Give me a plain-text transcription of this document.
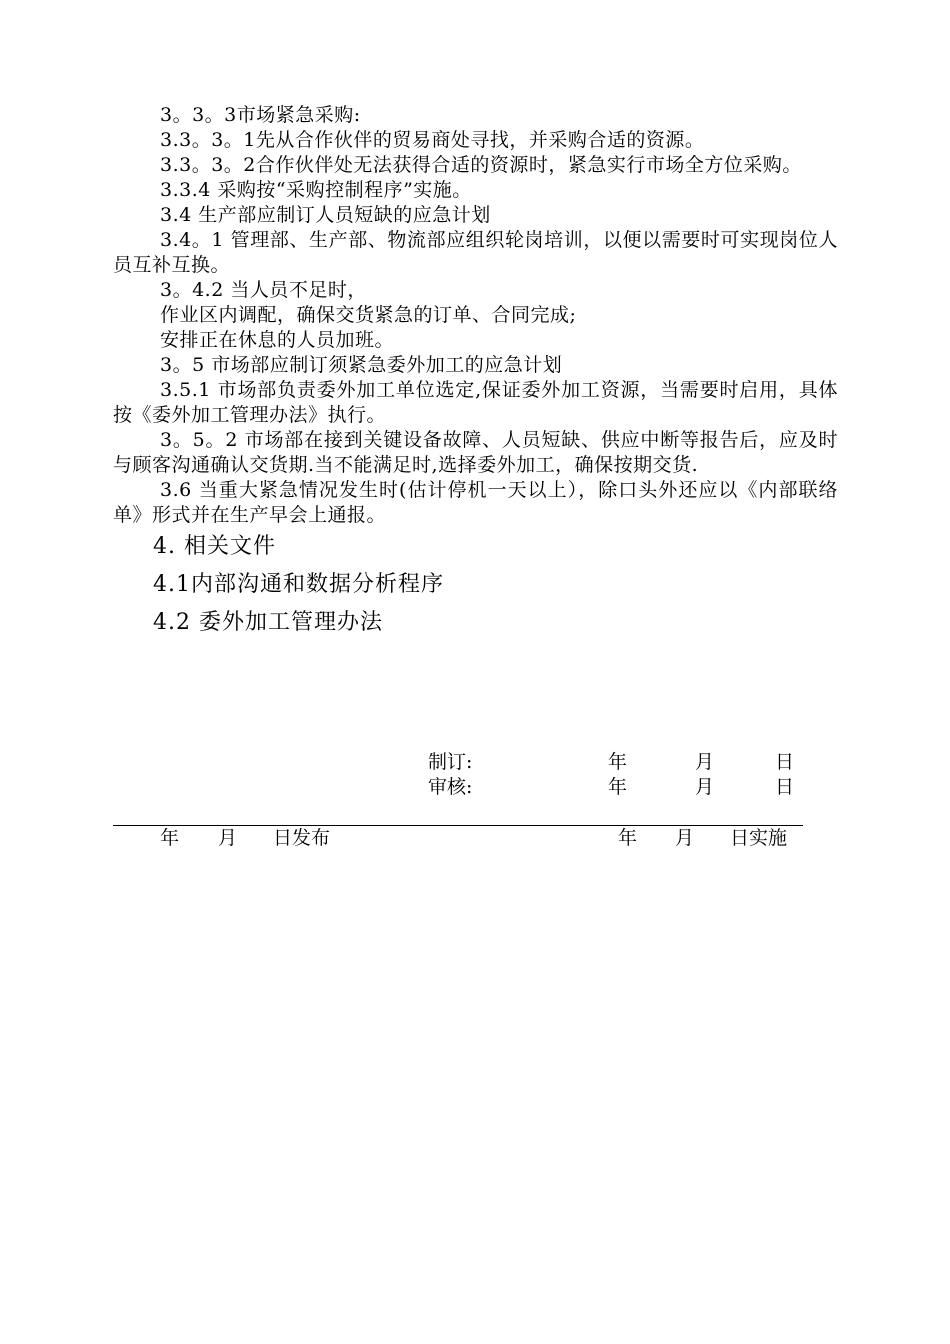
3。3。3市场紧急采购:

3.3。3。1先从合作伙伴的贸易商处寻找，并采购合适的资源。

3.3。3。2合作伙伴处无法获得合适的资源时，紧急实行市场全方位采购。

3.3.4 采购按“采购控制程序”实施。

3.4 生产部应制订人员短缺的应急计划

3.4。1 管理部、生产部、物流部应组织轮岗培训，以便以需要时可实现岗位人员互补互换。

3。4.2 当人员不足时，

作业区内调配，确保交货紧急的订单、合同完成;

安排正在休息的人员加班。

3。5 市场部应制订须紧急委外加工的应急计划

3.5.1 市场部负责委外加工单位选定,保证委外加工资源，当需要时启用，具体按《委外加工管理办法》执行。

3。5。2 市场部在接到关键设备故障、人员短缺、供应中断等报告后，应及时与顾客沟通确认交货期.当不能满足时,选择委外加工，确保按期交货.

3.6 当重大紧急情况发生时(估计停机一天以上），除口头外还应以《内部联络单》形式并在生产早会上通报。

4. 相关文件

4.1内部沟通和数据分析程序

4.2 委外加工管理办法

制订:	年	月	日
审核:	年	月	日
年 月 日发布	年 月 日实施
